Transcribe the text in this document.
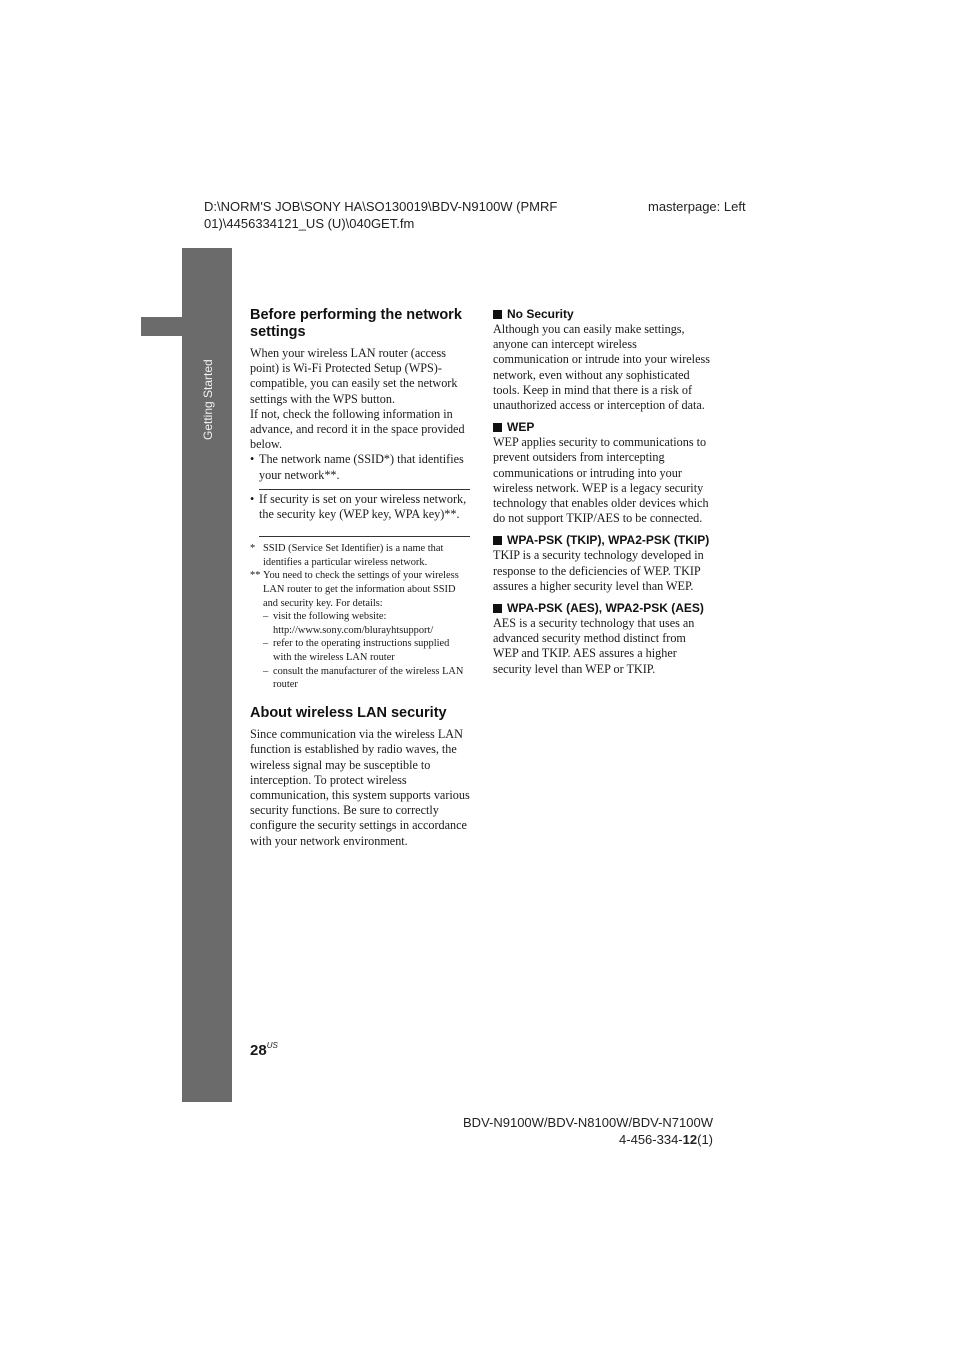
D:\NORM'S JOB\SONY HA\SO130019\BDV-N9100W (PMRF
01)\4456334121_US (U)\040GET.fm
masterpage: Left
Getting Started
Before performing the network settings

When your wireless LAN router (access point) is Wi-Fi Protected Setup (WPS)-compatible, you can easily set the network settings with the WPS button.

If not, check the following information in advance, and record it in the space provided below.

• The network name (SSID*) that identifies your network**.
• If security is set on your wireless network, the security key (WEP key, WPA key)**.
* SSID (Service Set Identifier) is a name that identifies a particular wireless network.
** You need to check the settings of your wireless LAN router to get the information about SSID and security key. For details:
– visit the following website: http://www.sony.com/blurayhtsupport/
– refer to the operating instructions supplied with the wireless LAN router
– consult the manufacturer of the wireless LAN router
About wireless LAN security

Since communication via the wireless LAN function is established by radio waves, the wireless signal may be susceptible to interception. To protect wireless communication, this system supports various security functions. Be sure to correctly configure the security settings in accordance with your network environment.

No Security

Although you can easily make settings, anyone can intercept wireless communication or intrude into your wireless network, even without any sophisticated tools. Keep in mind that there is a risk of unauthorized access or interception of data.

WEP

WEP applies security to communications to prevent outsiders from intercepting communications or intruding into your wireless network. WEP is a legacy security technology that enables older devices which do not support TKIP/AES to be connected.

WPA-PSK (TKIP), WPA2-PSK (TKIP)

TKIP is a security technology developed in response to the deficiencies of WEP. TKIP assures a higher security level than WEP.

WPA-PSK (AES), WPA2-PSK (AES)

AES is a security technology that uses an advanced security method distinct from WEP and TKIP. AES assures a higher security level than WEP or TKIP.

$28^{US}$
BDV-N9100W/BDV-N8100W/BDV-N7100W
4-456-334-12(1)
